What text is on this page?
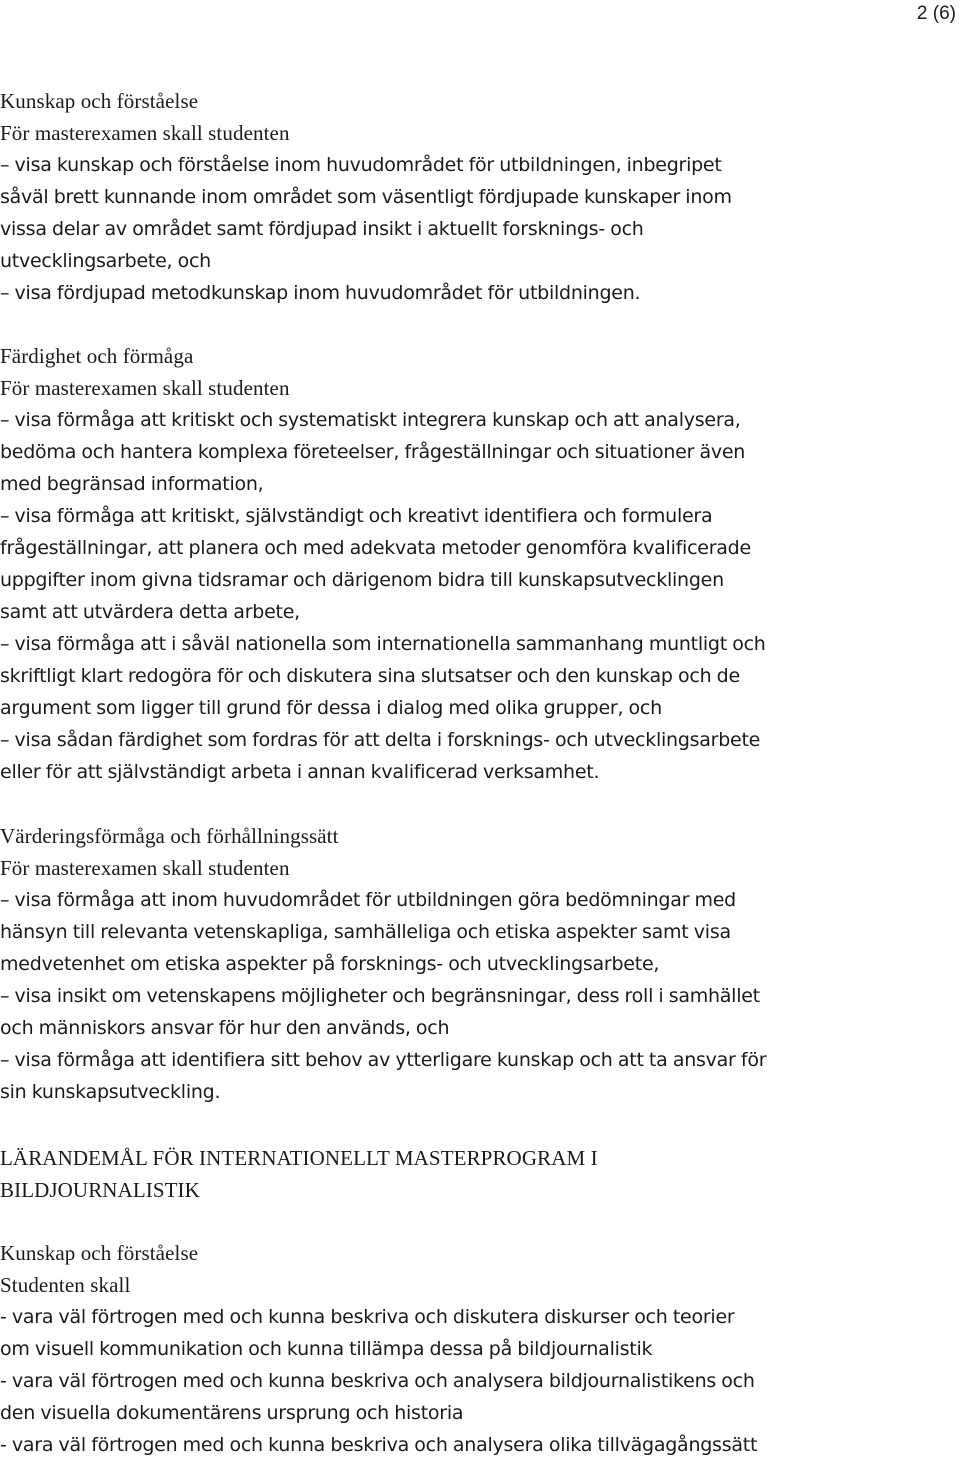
2 (6)
Kunskap och förståelse
För masterexamen skall studenten
– visa kunskap och förståelse inom huvudområdet för utbildningen, inbegripet
såväl brett kunnande inom området som väsentligt fördjupade kunskaper inom
vissa delar av området samt fördjupad insikt i aktuellt forsknings- och
utvecklingsarbete, och
– visa fördjupad metodkunskap inom huvudområdet för utbildningen.
Färdighet och förmåga
För masterexamen skall studenten
– visa förmåga att kritiskt och systematiskt integrera kunskap och att analysera,
bedöma och hantera komplexa företeelser, frågeställningar och situationer även
med begränsad information,
– visa förmåga att kritiskt, självständigt och kreativt identifiera och formulera
frågeställningar, att planera och med adekvata metoder genomföra kvalificerade
uppgifter inom givna tidsramar och därigenom bidra till kunskapsutvecklingen
samt att utvärdera detta arbete,
– visa förmåga att i såväl nationella som internationella sammanhang muntligt och
skriftligt klart redogöra för och diskutera sina slutsatser och den kunskap och de
argument som ligger till grund för dessa i dialog med olika grupper, och
– visa sådan färdighet som fordras för att delta i forsknings- och utvecklingsarbete
eller för att självständigt arbeta i annan kvalificerad verksamhet.
Värderingsförmåga och förhållningssätt
För masterexamen skall studenten
– visa förmåga att inom huvudområdet för utbildningen göra bedömningar med
hänsyn till relevanta vetenskapliga, samhälleliga och etiska aspekter samt visa
medvetenhet om etiska aspekter på forsknings- och utvecklingsarbete,
– visa insikt om vetenskapens möjligheter och begränsningar, dess roll i samhället
och människors ansvar för hur den används, och
– visa förmåga att identifiera sitt behov av ytterligare kunskap och att ta ansvar för
sin kunskapsutveckling.
LÄRANDEMÅL FÖR INTERNATIONELLT MASTERPROGRAM I
BILDJOURNALISTIK
Kunskap och förståelse
Studenten skall
- vara väl förtrogen med och kunna beskriva och diskutera diskurser och teorier
om visuell kommunikation och kunna tillämpa dessa på bildjournalistik
- vara väl förtrogen med och kunna beskriva och analysera bildjournalistikens och
den visuella dokumentärens ursprung och historia
- vara väl förtrogen med och kunna beskriva och analysera olika tillvägagångssätt
